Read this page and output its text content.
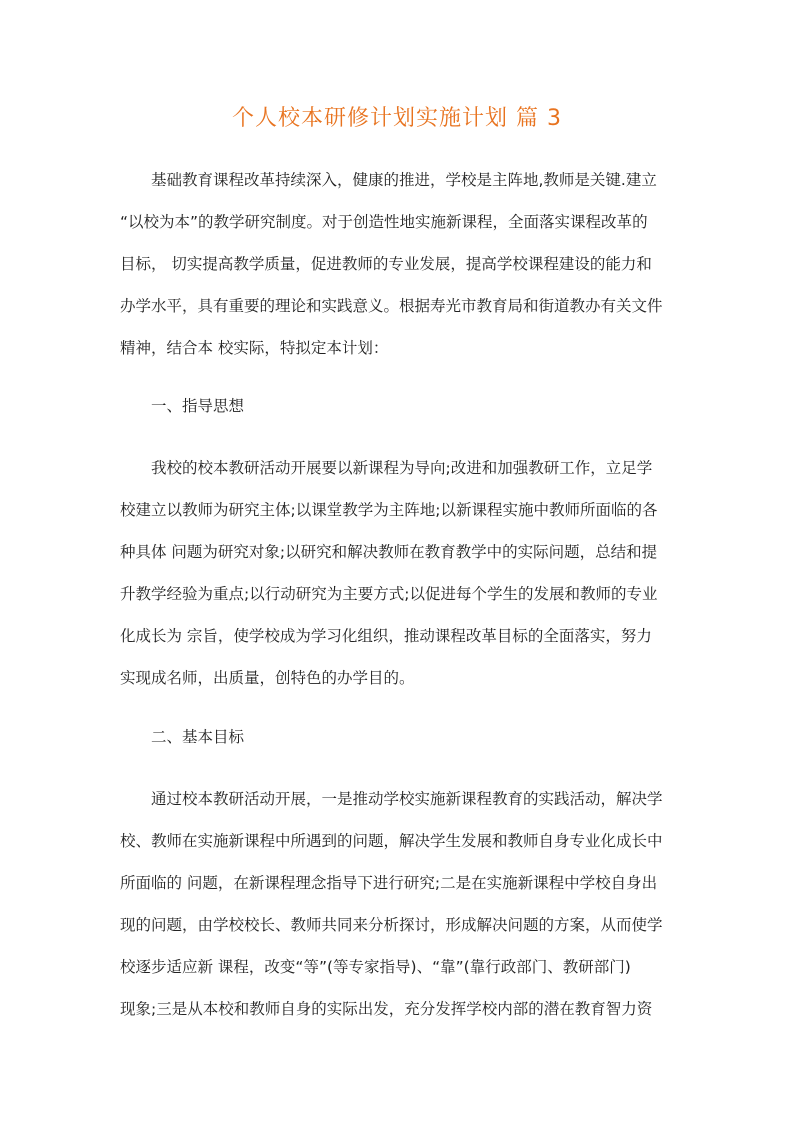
个人校本研修计划实施计划 篇 3
基础教育课程改革持续深入，健康的推进，学校是主阵地,教师是关键.建立
“以校为本”的教学研究制度。对于创造性地实施新课程，全面落实课程改革的
目标， 切实提高教学质量，促进教师的专业发展，提高学校课程建设的能力和
办学水平，具有重要的理论和实践意义。根据寿光市教育局和街道教办有关文件
精神，结合本 校实际，特拟定本计划：
一、指导思想
我校的校本教研活动开展要以新课程为导向;改进和加强教研工作，立足学
校建立以教师为研究主体;以课堂教学为主阵地;以新课程实施中教师所面临的各
种具体 问题为研究对象;以研究和解决教师在教育教学中的实际问题，总结和提
升教学经验为重点;以行动研究为主要方式;以促进每个学生的发展和教师的专业
化成长为 宗旨，使学校成为学习化组织，推动课程改革目标的全面落实，努力
实现成名师，出质量，创特色的办学目的。
二、基本目标
通过校本教研活动开展，一是推动学校实施新课程教育的实践活动，解决学
校、教师在实施新课程中所遇到的问题，解决学生发展和教师自身专业化成长中
所面临的 问题，在新课程理念指导下进行研究;二是在实施新课程中学校自身出
现的问题，由学校校长、教师共同来分析探讨，形成解决问题的方案，从而使学
校逐步适应新 课程，改变“等”(等专家指导)、“靠”(靠行政部门、教研部门)
现象;三是从本校和教师自身的实际出发，充分发挥学校内部的潜在教育智力资
